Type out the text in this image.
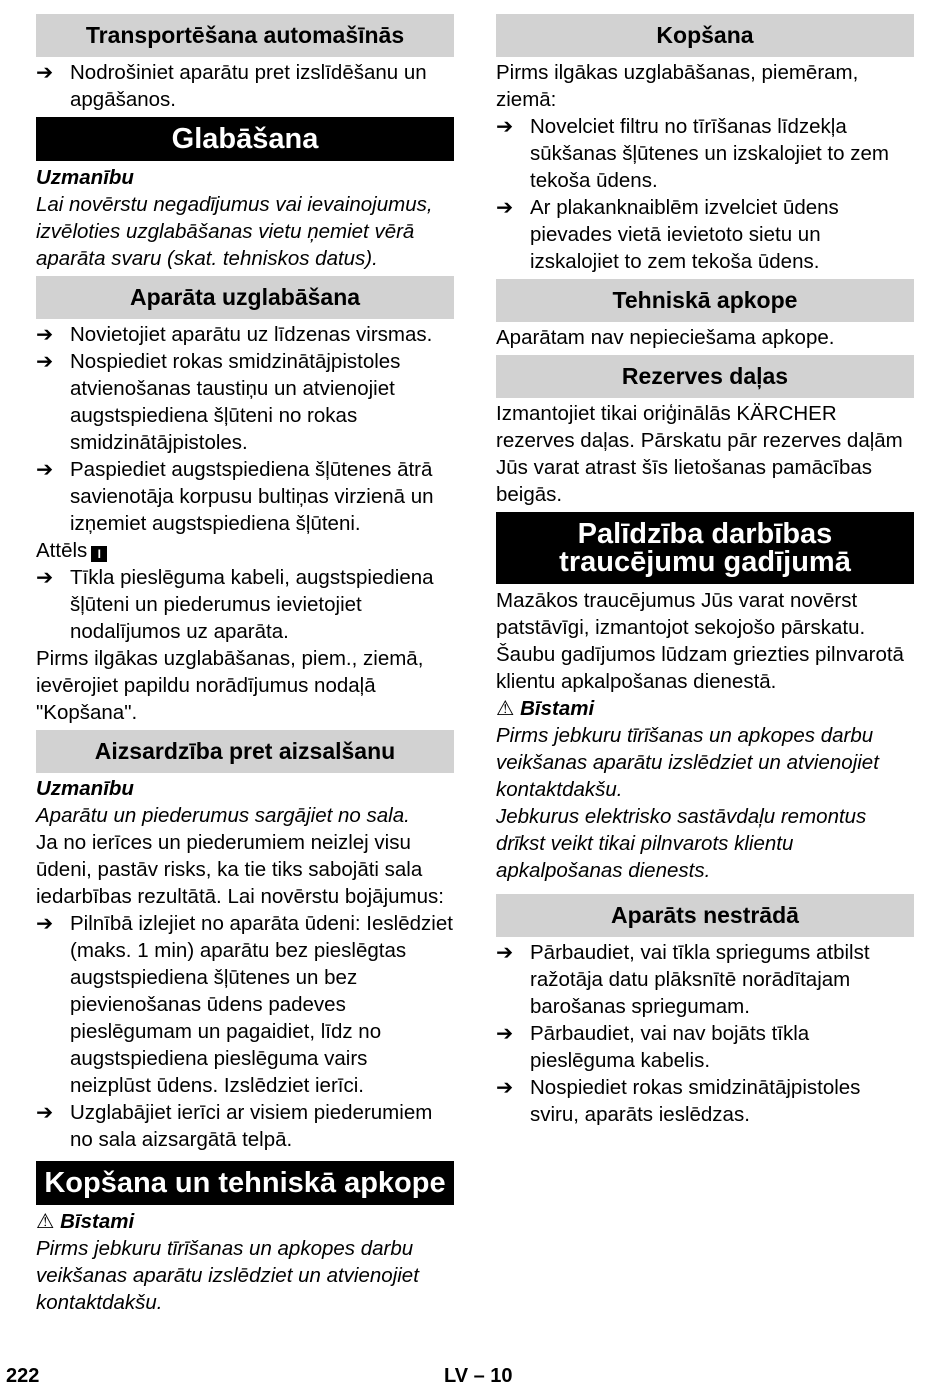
Transportēšana automašīnās
➔ Nodrošiniet aparātu pret izslīdēšanu un apgāšanos.
Glabāšana
Uzmanību

Lai novērstu negadījumus vai ievainojumus, izvēloties uzglabāšanas vietu ņemiet vērā aparāta svaru (skat. tehniskos datus).

Aparāta uzglabāšana
➔ Novietojiet aparātu uz līdzenas virsmas.
➔ Nospiediet rokas smidzinātājpistoles atvienošanas taustiņu un atvienojiet augstspiediena šļūteni no rokas smidzinātājpistoles.
➔ Paspiediet augstspiediena šļūtenes ātrā savienotāja korpusu bultiņas virzienā un izņemiet augstspiediena šļūteni.

Attēls I

➔ Tīkla pieslēguma kabeli, augstspiediena šļūteni un piederumus ievietojiet nodalījumos uz aparāta.

Pirms ilgākas uzglabāšanas, piem., ziemā, ievērojiet papildu norādījumus nodaļā "Kopšana".

Aizsardzība pret aizsalšanu
Uzmanību

Aparātu un piederumus sargājiet no sala.

Ja no ierīces un piederumiem neizlej visu ūdeni, pastāv risks, ka tie tiks sabojāti sala iedarbības rezultātā. Lai novērstu bojājumus:

➔ Pilnībā izlejiet no aparāta ūdeni: Ieslēdziet (maks. 1 min) aparātu bez pieslēgtas augstspiediena šļūtenes un bez pievienošanas ūdens padeves pieslēgumam un pagaidiet, līdz no augstspiediena pieslēguma vairs neizplūst ūdens. Izslēdziet ierīci.
➔ Uzglabājiet ierīci ar visiem piederumiem no sala aizsargātā telpā.
Kopšana un tehniskā apkope
⚠ Bīstami

Pirms jebkuru tīrīšanas un apkopes darbu veikšanas aparātu izslēdziet un atvienojiet kontaktdakšu.

Kopšana

Pirms ilgākas uzglabāšanas, piemēram, ziemā:

➔ Novelciet filtru no tīrīšanas līdzekļa sūkšanas šļūtenes un izskalojiet to zem tekoša ūdens.
➔ Ar plakanknaiblēm izvelciet ūdens pievades vietā ievietoto sietu un izskalojiet to zem tekoša ūdens.
Tehniskā apkope

Aparātam nav nepieciešama apkope.

Rezerves daļas

Izmantojiet tikai oriģinālās KÄRCHER rezerves daļas. Pārskatu pār rezerves daļām Jūs varat atrast šīs lietošanas pamācības beigās.

Palīdzība darbības
traucējumu gadījumā

Mazākos traucējumus Jūs varat novērst patstāvīgi, izmantojot sekojošo pārskatu. Šaubu gadījumos lūdzam griezties pilnvarotā klientu apkalpošanas dienestā.

⚠ Bīstami

Pirms jebkuru tīrīšanas un apkopes darbu veikšanas aparātu izslēdziet un atvienojiet kontaktdakšu.

Jebkurus elektrisko sastāvdaļu remontus drīkst veikt tikai pilnvarots klientu apkalpošanas dienests.

Aparāts nestrādā
➔ Pārbaudiet, vai tīkla spriegums atbilst ražotāja datu plāksnītē norādītajam barošanas spriegumam.
➔ Pārbaudiet, vai nav bojāts tīkla pieslēguma kabelis.
➔ Nospiediet rokas smidzinātājpistoles sviru, aparāts ieslēdzas.
222	LV – 10
